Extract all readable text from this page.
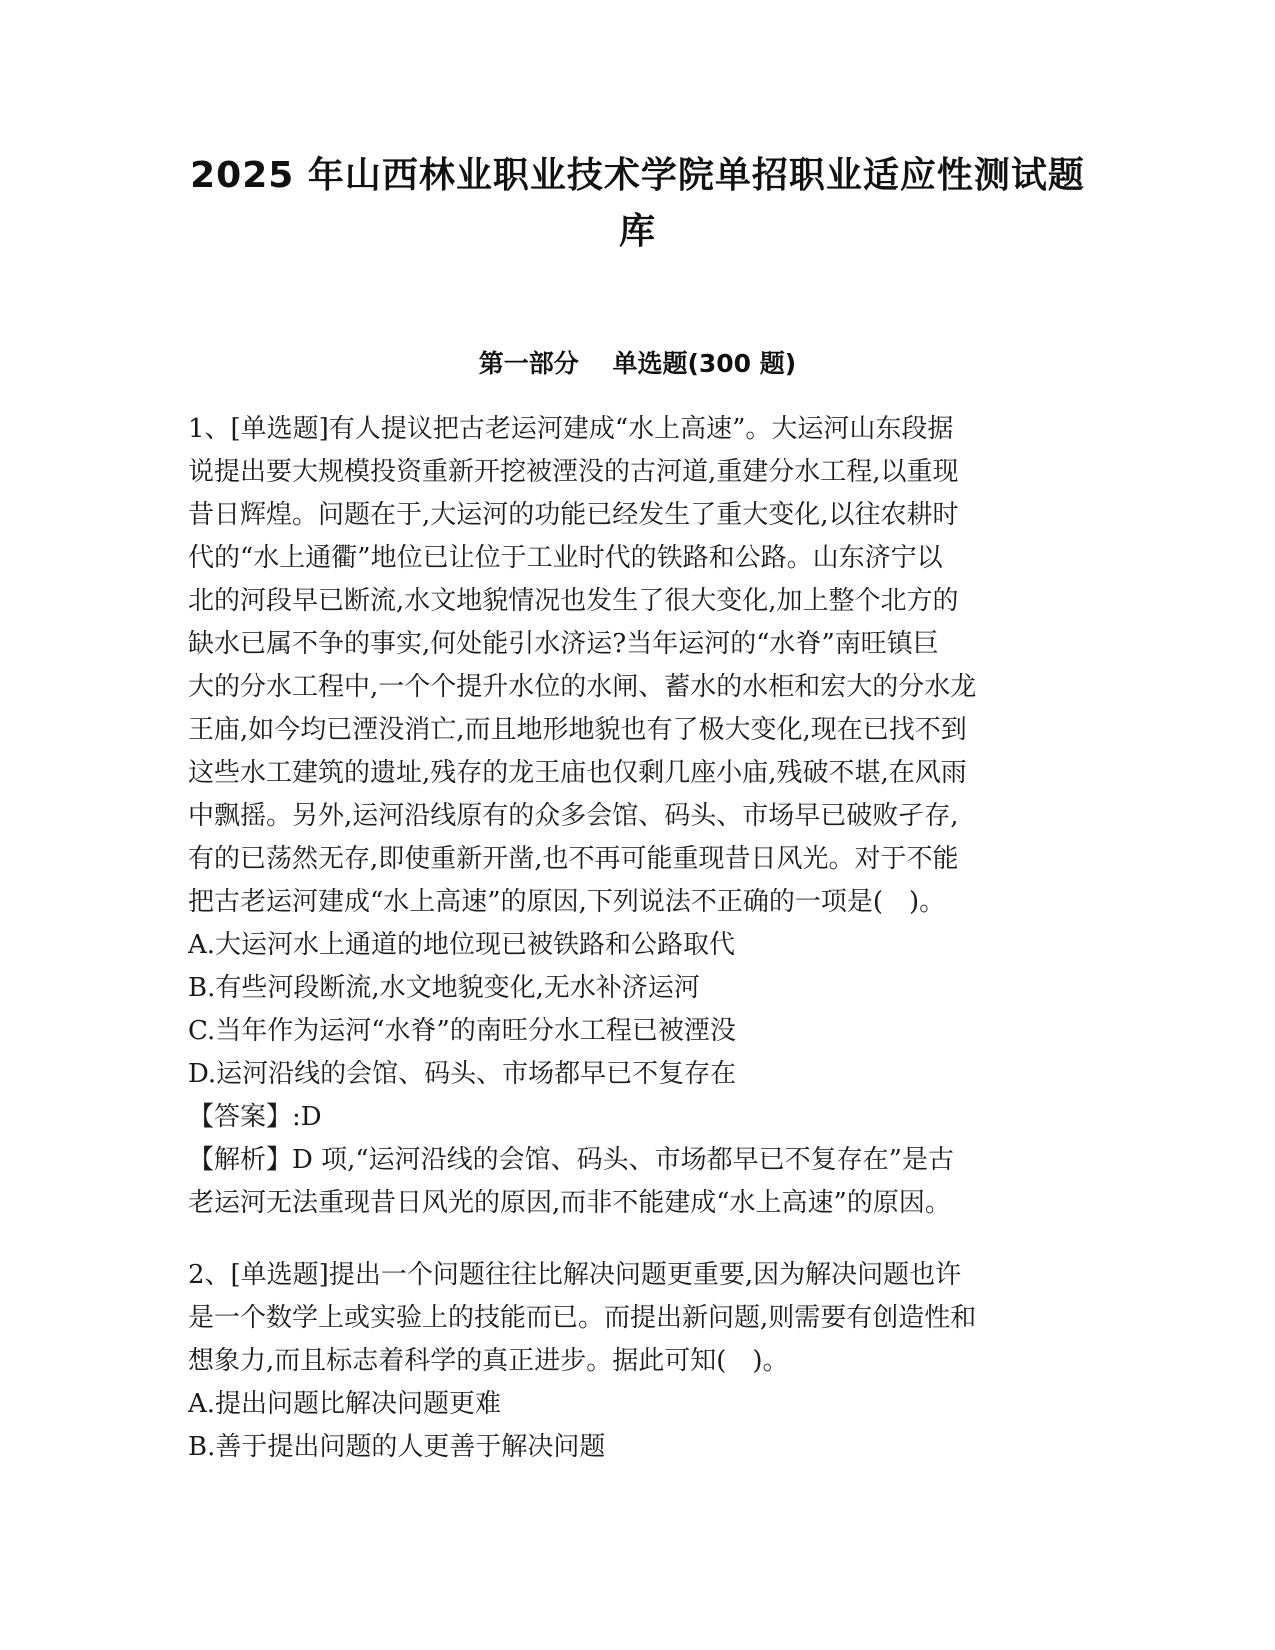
2025 年山西林业职业技术学院单招职业适应性测试题
库
第一部分　 单选题(300 题)
1、[单选题]有人提议把古老运河建成“水上高速”。大运河山东段据
说提出要大规模投资重新开挖被湮没的古河道,重建分水工程,以重现
昔日辉煌。问题在于,大运河的功能已经发生了重大变化,以往农耕时
代的“水上通衢”地位已让位于工业时代的铁路和公路。山东济宁以
北的河段早已断流,水文地貌情况也发生了很大变化,加上整个北方的
缺水已属不争的事实,何处能引水济运?当年运河的“水脊”南旺镇巨
大的分水工程中,一个个提升水位的水闸、蓄水的水柜和宏大的分水龙
王庙,如今均已湮没消亡,而且地形地貌也有了极大变化,现在已找不到
这些水工建筑的遗址,残存的龙王庙也仅剩几座小庙,残破不堪,在风雨
中飘摇。另外,运河沿线原有的众多会馆、码头、市场早已破败孑存,
有的已荡然无存,即使重新开凿,也不再可能重现昔日风光。对于不能
把古老运河建成“水上高速”的原因,下列说法不正确的一项是(　)。
A.大运河水上通道的地位现已被铁路和公路取代
B.有些河段断流,水文地貌变化,无水补济运河
C.当年作为运河“水脊”的南旺分水工程已被湮没
D.运河沿线的会馆、码头、市场都早已不复存在
【答案】:D
【解析】D 项,“运河沿线的会馆、码头、市场都早已不复存在”是古
老运河无法重现昔日风光的原因,而非不能建成“水上高速”的原因。
2、[单选题]提出一个问题往往比解决问题更重要,因为解决问题也许
是一个数学上或实验上的技能而已。而提出新问题,则需要有创造性和
想象力,而且标志着科学的真正进步。据此可知(　)。
A.提出问题比解决问题更难
B.善于提出问题的人更善于解决问题
